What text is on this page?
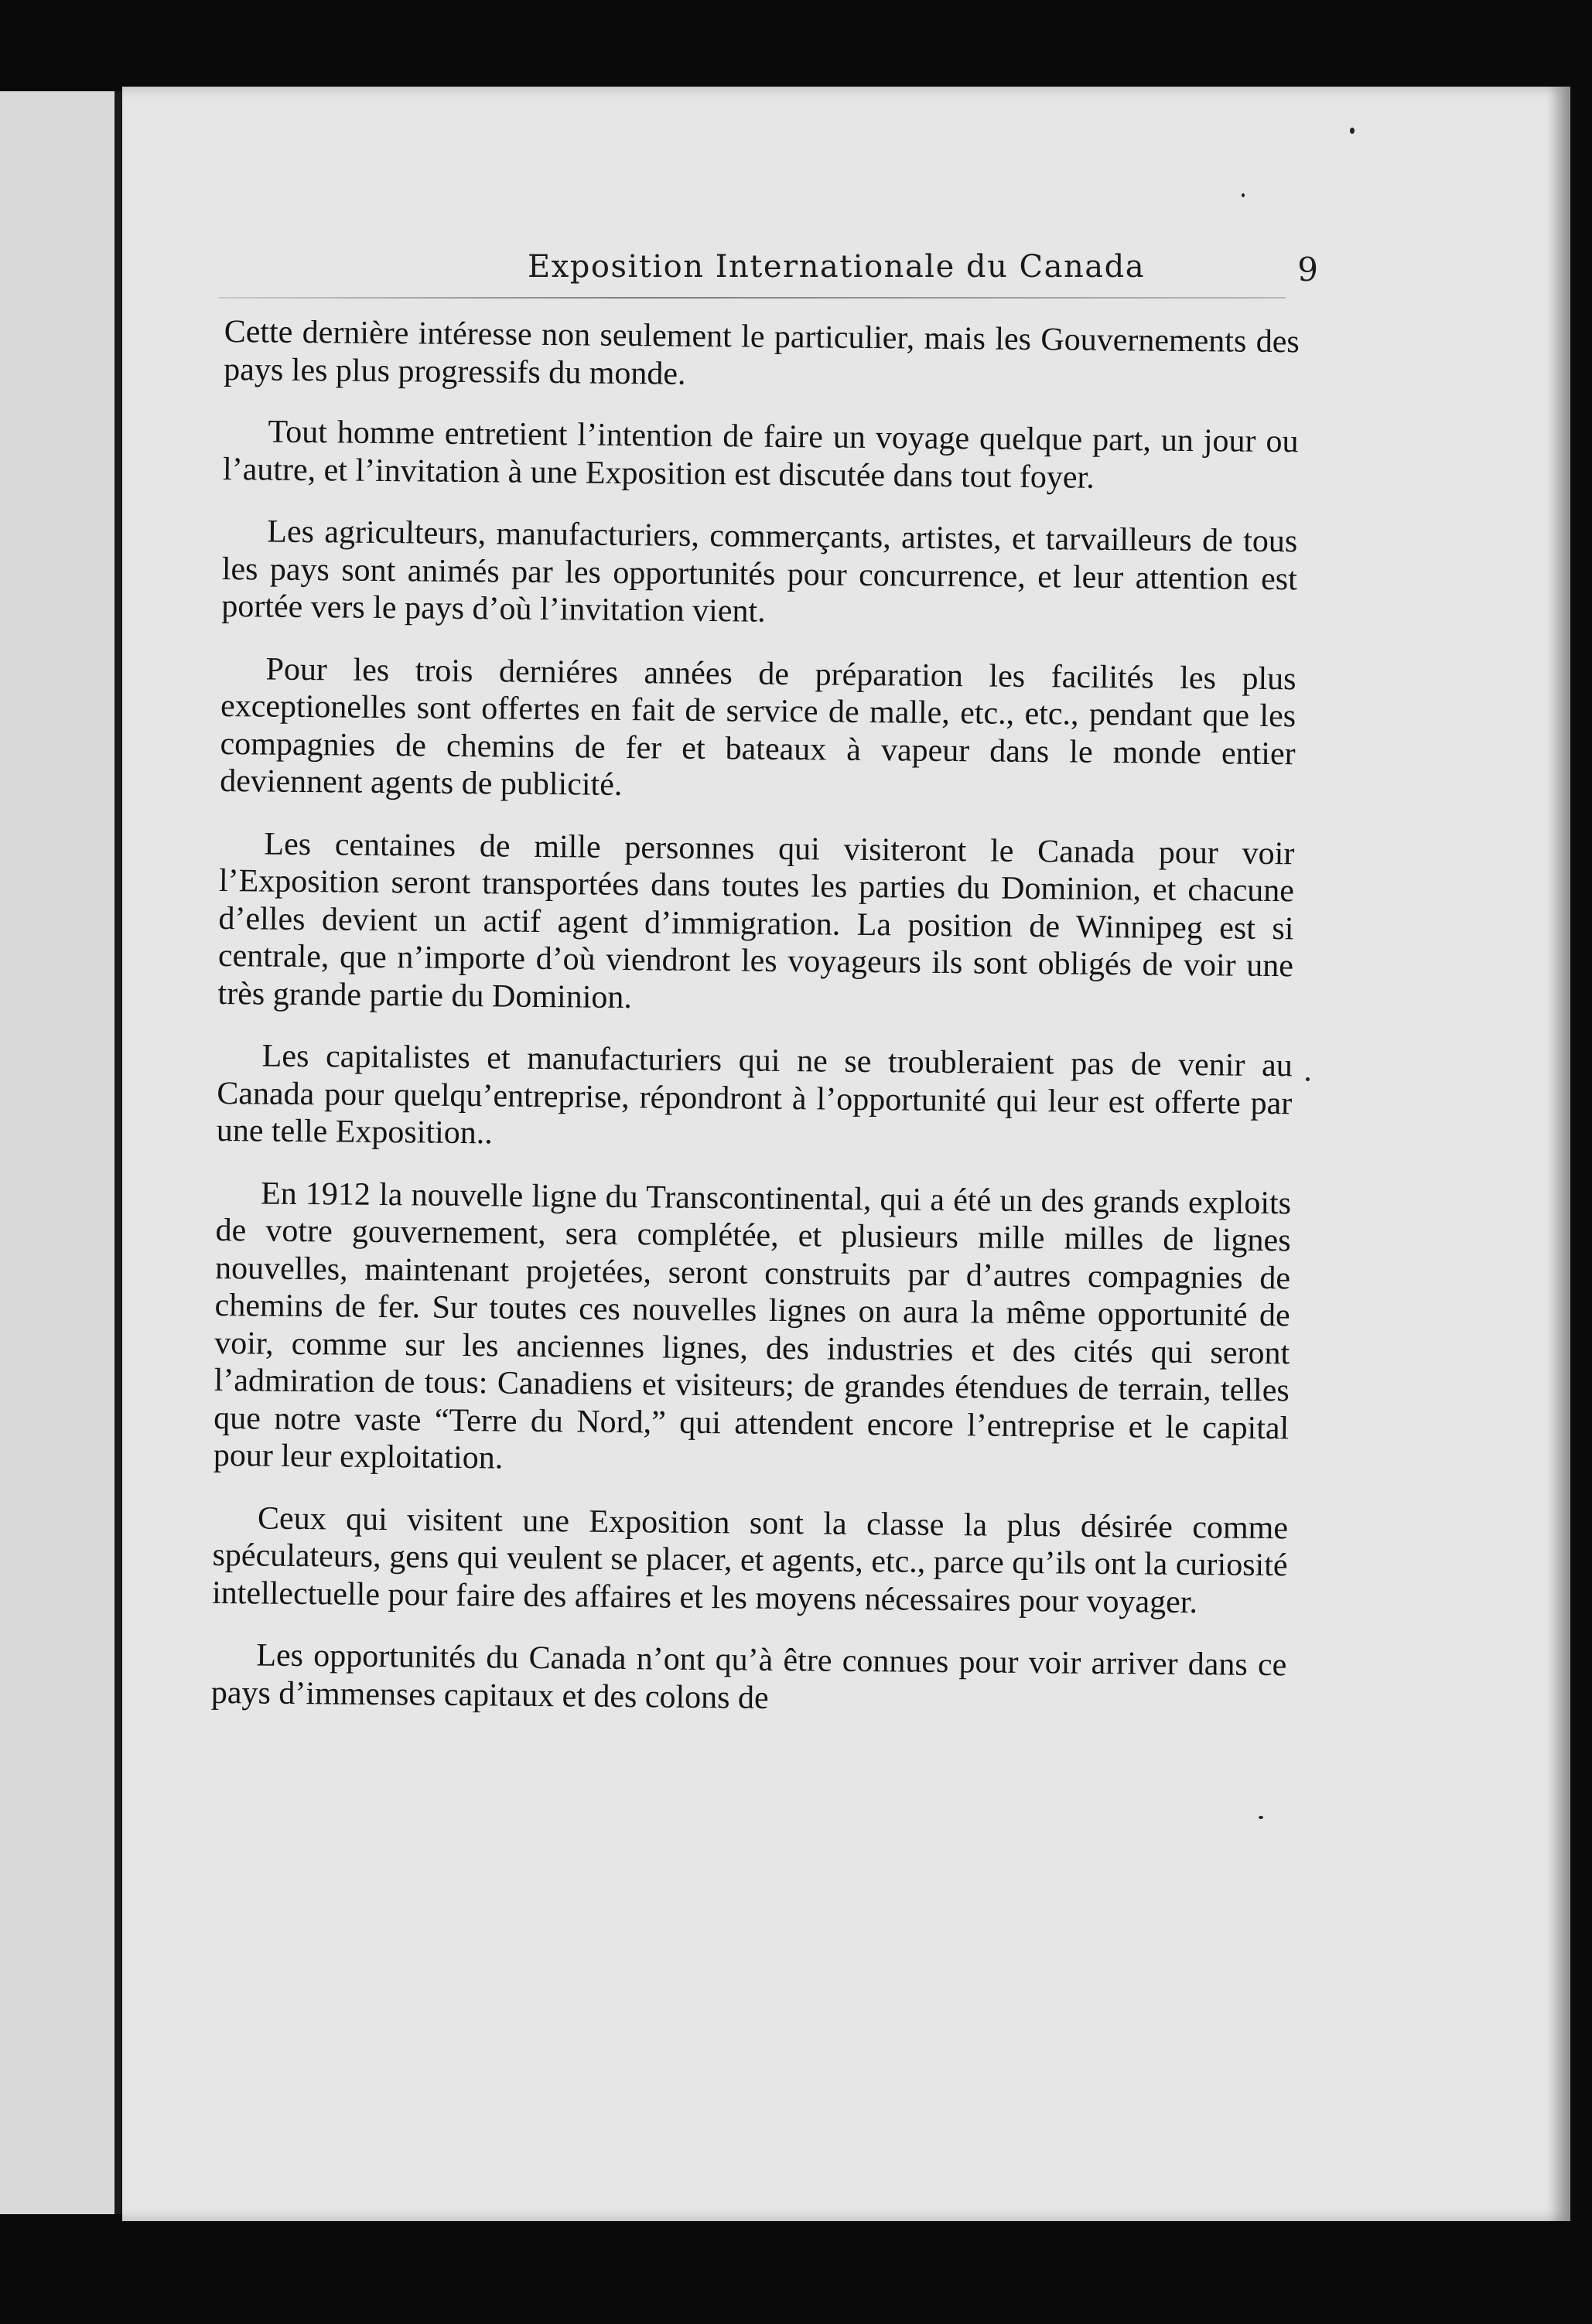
Exposition Internationale du Canada	9

Cette dernière intéresse non seulement le particulier, mais les Gouvernements des pays les plus progressifs du monde.

Tout homme entretient l’intention de faire un voyage quelque part, un jour ou l’autre, et l’invitation à une Exposition est discutée dans tout foyer.

Les agriculteurs, manufacturiers, commerçants, artistes, et tarvailleurs de tous les pays sont animés par les opportunités pour concurrence, et leur attention est portée vers le pays d’où l’invitation vient.

Pour les trois derniéres années de préparation les facilités les plus exceptionelles sont offertes en fait de service de malle, etc., etc., pendant que les compagnies de chemins de fer et bateaux à vapeur dans le monde entier deviennent agents de publicité.

Les centaines de mille personnes qui visiteront le Canada pour voir l’Exposition seront transportées dans toutes les parties du Dominion, et chacune d’elles devient un actif agent d’immigration. La position de Winnipeg est si centrale, que n’importe d’où viendront les voyageurs ils sont obligés de voir une très grande partie du Dominion.

Les capitalistes et manufacturiers qui ne se troubleraient pas de venir au Canada pour quelqu’entreprise, répondront à l’opportunité qui leur est offerte par une telle Exposition..

En 1912 la nouvelle ligne du Transcontinental, qui a été un des grands exploits de votre gouvernement, sera complétée, et plusieurs mille milles de lignes nouvelles, maintenant projetées, seront construits par d’autres compagnies de chemins de fer. Sur toutes ces nouvelles lignes on aura la même opportunité de voir, comme sur les anciennes lignes, des industries et des cités qui seront l’admiration de tous: Canadiens et visiteurs; de grandes étendues de terrain, telles que notre vaste “Terre du Nord,” qui attendent encore l’entreprise et le capital pour leur exploitation.

Ceux qui visitent une Exposition sont la classe la plus désirée comme spéculateurs, gens qui veulent se placer, et agents, etc., parce qu’ils ont la curiosité intellectuelle pour faire des affaires et les moyens nécessaires pour voyager.

Les opportunités du Canada n’ont qu’à être connues pour voir arriver dans ce pays d’immenses capitaux et des colons de
